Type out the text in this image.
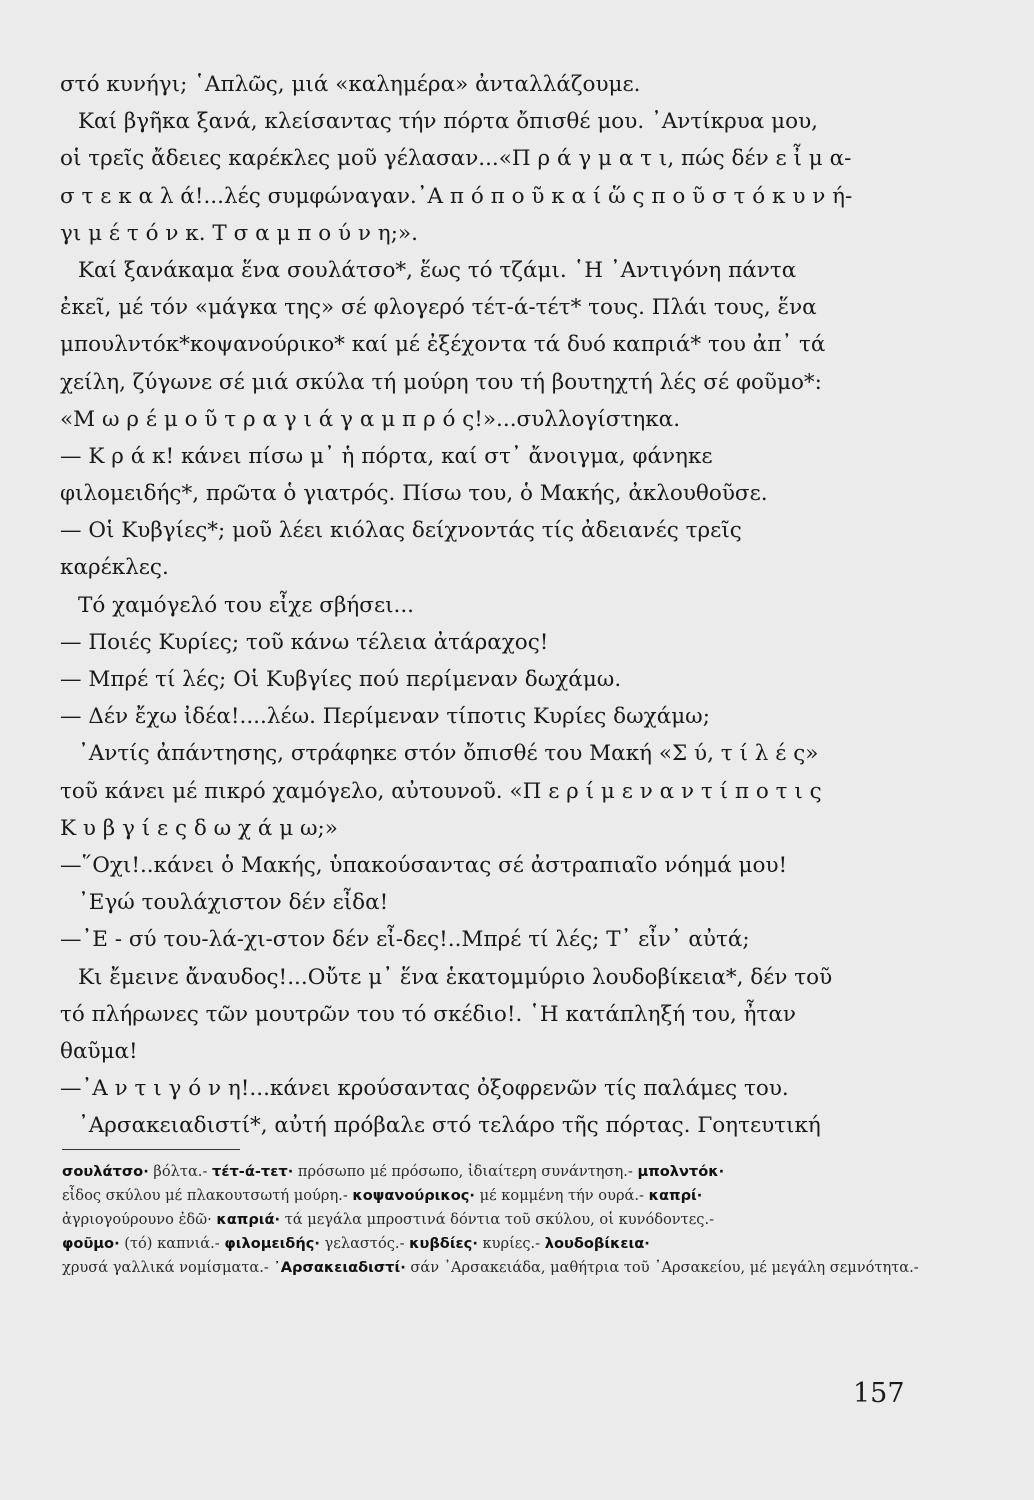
στό κυνήγι; ῾Απλῶς, μιά «καλημέρα» ἀνταλλάζουμε.
Καί βγῆκα ξανά, κλείσαντας τήν πόρτα ὄπισθέ μου. ᾽Αντίκρυα μου,
οἱ τρεῖς ἄδειες καρέκλες μοῦ γέλασαν...«Π ρ ά γ μ α τ ι, πώς δέν ε ἶ μ α-
σ τ ε κ α λ ά!...λές συμφώναγαν.᾽Α π ό π ο ῦ κ α ί ὥ ς π ο ῦ σ τ ό κ υ ν ή-
γι μ έ τ ό ν κ. Τ σ α μ π ο ύ ν η;».
Καί ξανάκαμα ἕνα σουλάτσο*, ἕως τό τζάμι. ῾Η ᾽Αντιγόνη πάντα
ἐκεῖ, μέ τόν «μάγκα της» σέ φλογερό τέτ-ά-τέτ* τους. Πλάι τους, ἕνα
μπουλντόκ*κοψανούρικο* καί μέ ἐξέχοντα τά δυό καπριά* του ἀπ᾽ τά
χείλη, ζύγωνε σέ μιά σκύλα τή μούρη του τή βουτηχτή λές σέ φοῦμο*:
«Μ ω ρ έ μ ο ῦ τ ρ α γ ι ά γ α μ π ρ ό ς!»...συλλογίστηκα.
— Κ ρ ά κ! κάνει πίσω μ᾽ ἡ πόρτα, καί στ᾽ ἄνοιγμα, φάνηκε
φιλομειδής*, πρῶτα ὁ γιατρός. Πίσω του, ὁ Μακής, ἀκλουθοῦσε.
— Οἱ Κυβγίες*; μοῦ λέει κιόλας δείχνοντάς τίς ἀδειανές τρεῖς
καρέκλες.
Τό χαμόγελό του εἶχε σβήσει...
— Ποιές Κυρίες; τοῦ κάνω τέλεια ἀτάραχος!
— Μπρέ τί λές; Οἱ Κυβγίες πού περίμεναν δωχάμω.
— Δέν ἔχω ἰδέα!....λέω. Περίμεναν τίποτις Κυρίες δωχάμω;
᾽Αντίς ἀπάντησης, στράφηκε στόν ὄπισθέ του Μακή «Σ ύ, τ ί λ έ ς»
τοῦ κάνει μέ πικρό χαμόγελο, αὐτουνοῦ. «Π ε ρ ί μ ε ν α ν τ ί π ο τ ι ς
Κ υ β γ ί ε ς δ ω χ ά μ ω;»
—῞Οχι!..κάνει ὁ Μακής, ὑπακούσαντας σέ ἀστραπιαῖο νόημά μου!
᾽Εγώ τουλάχιστον δέν εἶδα!
—᾽Ε - σύ του-λά-χι-στον δέν εἶ-δες!..Μπρέ τί λές; Τ᾽ εἶν᾽ αὐτά;
Κι ἔμεινε ἄναυδος!...Οὔτε μ᾽ ἕνα ἑκατομμύριο λουδοβίκεια*, δέν τοῦ
τό πλήρωνες τῶν μουτρῶν του τό σκέδιο!. ῾Η κατάπληξή του, ἦταν
θαῦμα!
—᾽Α ν τ ι γ ό ν η!...κάνει κρούσαντας ὀξοφρενῶν τίς παλάμες του.
᾽Αρσακειαδιστί*, αὐτή πρόβαλε στό τελάρο τῆς πόρτας. Γοητευτική
σουλάτσο· βόλτα.- τέτ-ά-τετ· πρόσωπο μέ πρόσωπο, ἰδιαίτερη συνάντηση.- μπολντόκ·
εἶδος σκύλου μέ πλακουτσωτή μούρη.- κοψανούρικος· μέ κομμένη τήν ουρά.- καπρί·
ἀγριογούρουνο ἐδῶ· καπριά· τά μεγάλα μπροστινά δόντια τοῦ σκύλου, οἱ κυνόδοντες.-
φοῦμο· (τό) καπνιά.- φιλομειδής· γελαστός.- κυβδίες· κυρίες.- λουδοβίκεια·
χρυσά γαλλικά νομίσματα.- ᾽Αρσακειαδιστί· σάν ᾽Αρσακειάδα, μαθήτρια τοῦ ᾽Αρσακείου, μέ μεγάλη σεμνότητα.-
157
